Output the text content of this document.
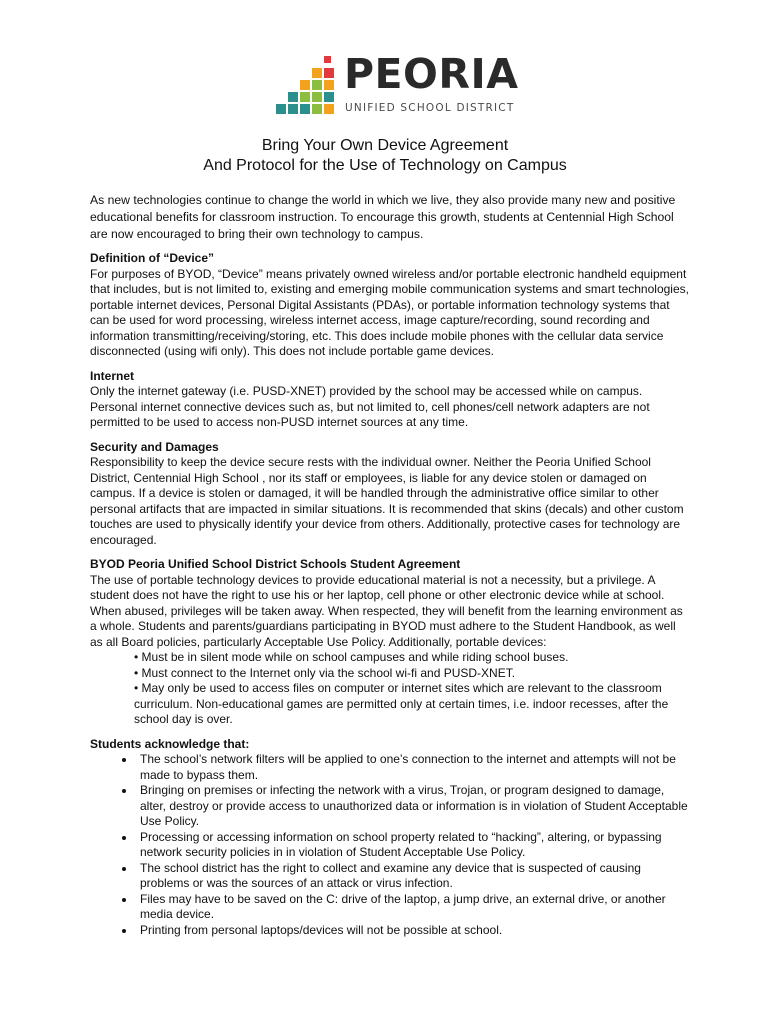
PEORIA
UNIFIED SCHOOL DISTRICT
Bring Your Own Device Agreement
And Protocol for the Use of Technology on Campus

As new technologies continue to change the world in which we live, they also provide many new and positive educational benefits for classroom instruction. To encourage this growth, students at Centennial High School are now encouraged to bring their own technology to campus.

Definition of “Device”

For purposes of BYOD, “Device” means privately owned wireless and/or portable electronic handheld equipment that includes, but is not limited to, existing and emerging mobile communication systems and smart technologies, portable internet devices, Personal Digital Assistants (PDAs), or portable information technology systems that can be used for word processing, wireless internet access, image capture/recording, sound recording and information transmitting/receiving/storing, etc. This does include mobile phones with the cellular data service disconnected (using wifi only). This does not include portable game devices.

Internet

Only the internet gateway (i.e. PUSD-XNET) provided by the school may be accessed while on campus. Personal internet connective devices such as, but not limited to, cell phones/cell network adapters are not permitted to be used to access non-PUSD internet sources at any time.

Security and Damages

Responsibility to keep the device secure rests with the individual owner. Neither the Peoria Unified School District, Centennial High School , nor its staff or employees, is liable for any device stolen or damaged on campus. If a device is stolen or damaged, it will be handled through the administrative office similar to other personal artifacts that are impacted in similar situations. It is recommended that skins (decals) and other custom touches are used to physically identify your device from others. Additionally, protective cases for technology are encouraged.

BYOD Peoria Unified School District Schools Student Agreement

The use of portable technology devices to provide educational material is not a necessity, but a privilege. A student does not have the right to use his or her laptop, cell phone or other electronic device while at school. When abused, privileges will be taken away. When respected, they will benefit from the learning environment as a whole. Students and parents/guardians participating in BYOD must adhere to the Student Handbook, as well as all Board policies, particularly Acceptable Use Policy. Additionally, portable devices:

• Must be in silent mode while on school campuses and while riding school buses.
• Must connect to the Internet only via the school wi-fi and PUSD-XNET.
• May only be used to access files on computer or internet sites which are relevant to the classroom curriculum. Non-educational games are permitted only at certain times, i.e. indoor recesses, after the school day is over.
Students acknowledge that:
• The school’s network filters will be applied to one’s connection to the internet and attempts will not be made to bypass them.
• Bringing on premises or infecting the network with a virus, Trojan, or program designed to damage, alter, destroy or provide access to unauthorized data or information is in violation of Student Acceptable Use Policy.
• Processing or accessing information on school property related to “hacking”, altering, or bypassing network security policies in in violation of Student Acceptable Use Policy.
• The school district has the right to collect and examine any device that is suspected of causing problems or was the sources of an attack or virus infection.
• Files may have to be saved on the C: drive of the laptop, a jump drive, an external drive, or another media device.
• Printing from personal laptops/devices will not be possible at school.
